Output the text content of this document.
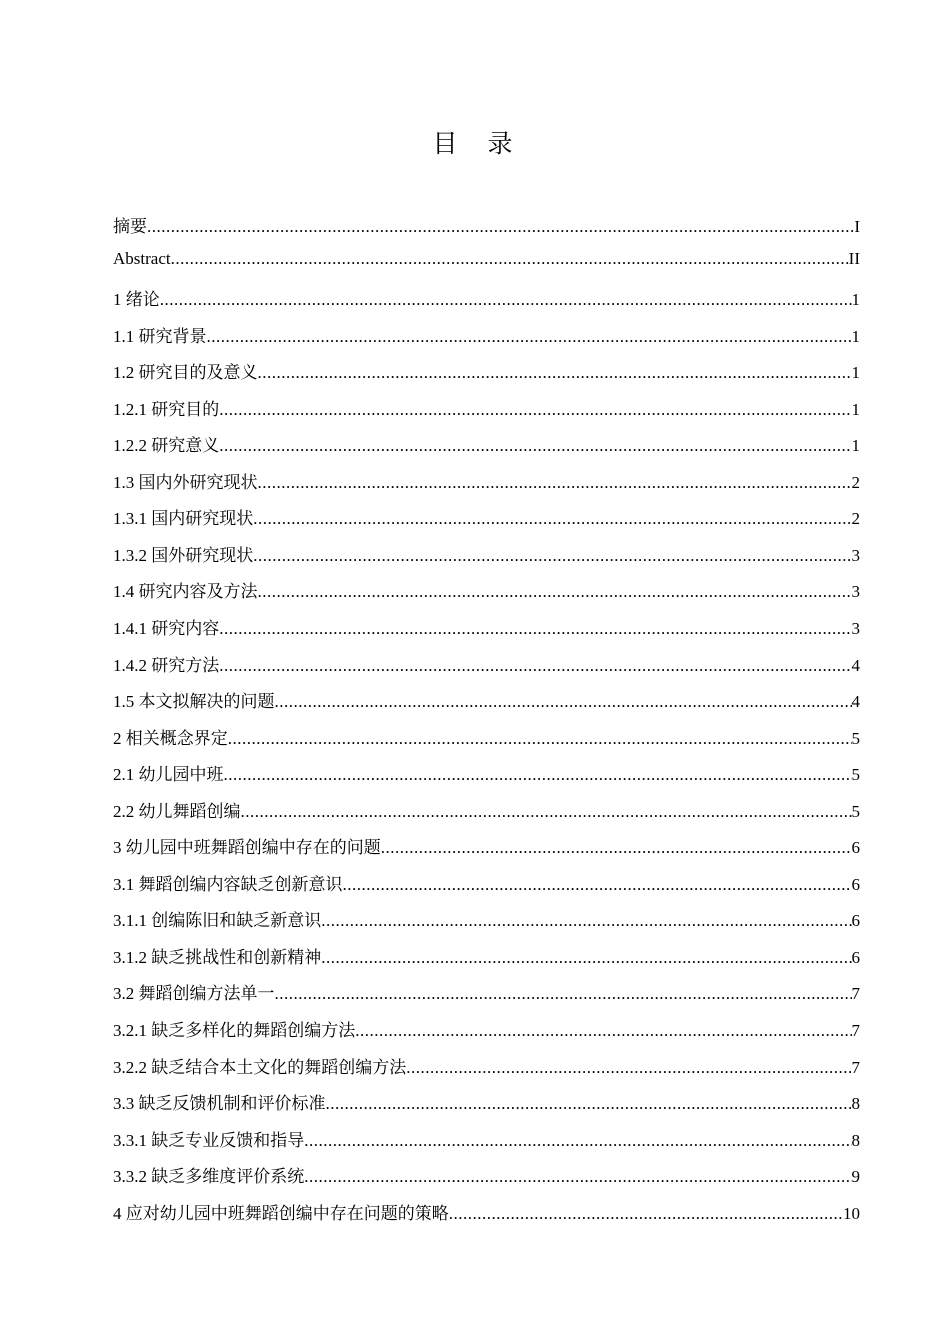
目录
摘要 .....	I
Abstract .....	II
1 绪论 .....	1
1.1 研究背景 .....	1
1.2 研究目的及意义 .....	1
1.2.1 研究目的 .....	1
1.2.2 研究意义 .....	1
1.3 国内外研究现状 .....	2
1.3.1 国内研究现状 .....	2
1.3.2 国外研究现状 .....	3
1.4 研究内容及方法 .....	3
1.4.1 研究内容 .....	3
1.4.2 研究方法 .....	4
1.5 本文拟解决的问题 .....	4
2 相关概念界定 .....	5
2.1 幼儿园中班 .....	5
2.2 幼儿舞蹈创编 .....	5
3 幼儿园中班舞蹈创编中存在的问题 .....	6
3.1 舞蹈创编内容缺乏创新意识 .....	6
3.1.1 创编陈旧和缺乏新意识 .....	6
3.1.2 缺乏挑战性和创新精神 .....	6
3.2 舞蹈创编方法单一 .....	7
3.2.1 缺乏多样化的舞蹈创编方法 .....	7
3.2.2 缺乏结合本土文化的舞蹈创编方法 .....	7
3.3 缺乏反馈机制和评价标准 .....	8
3.3.1 缺乏专业反馈和指导 .....	8
3.3.2 缺乏多维度评价系统 .....	9
4 应对幼儿园中班舞蹈创编中存在问题的策略 .....	10
